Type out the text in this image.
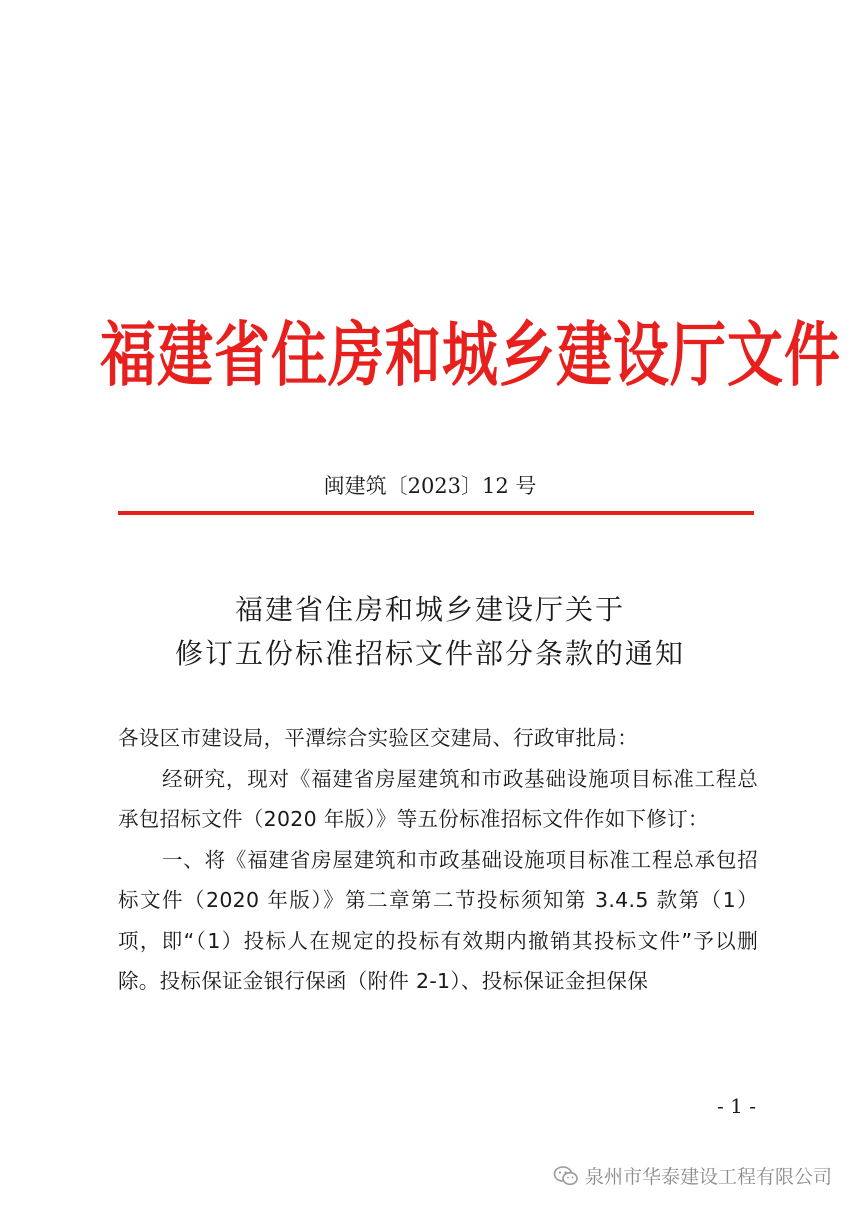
福建省住房和城乡建设厅文件
闽建筑〔2023〕12 号
福建省住房和城乡建设厅关于
修订五份标准招标文件部分条款的通知

各设区市建设局，平潭综合实验区交建局、行政审批局：

经研究，现对《福建省房屋建筑和市政基础设施项目标准工程总承包招标文件（2020 年版）》等五份标准招标文件作如下修订：

一、将《福建省房屋建筑和市政基础设施项目标准工程总承包招标文件（2020 年版）》第二章第二节投标须知第 3.4.5 款第（1）项，即“（1）投标人在规定的投标有效期内撤销其投标文件”予以删除。投标保证金银行保函（附件 2-1）、投标保证金担保保

- 1 -
泉州市华泰建设工程有限公司
